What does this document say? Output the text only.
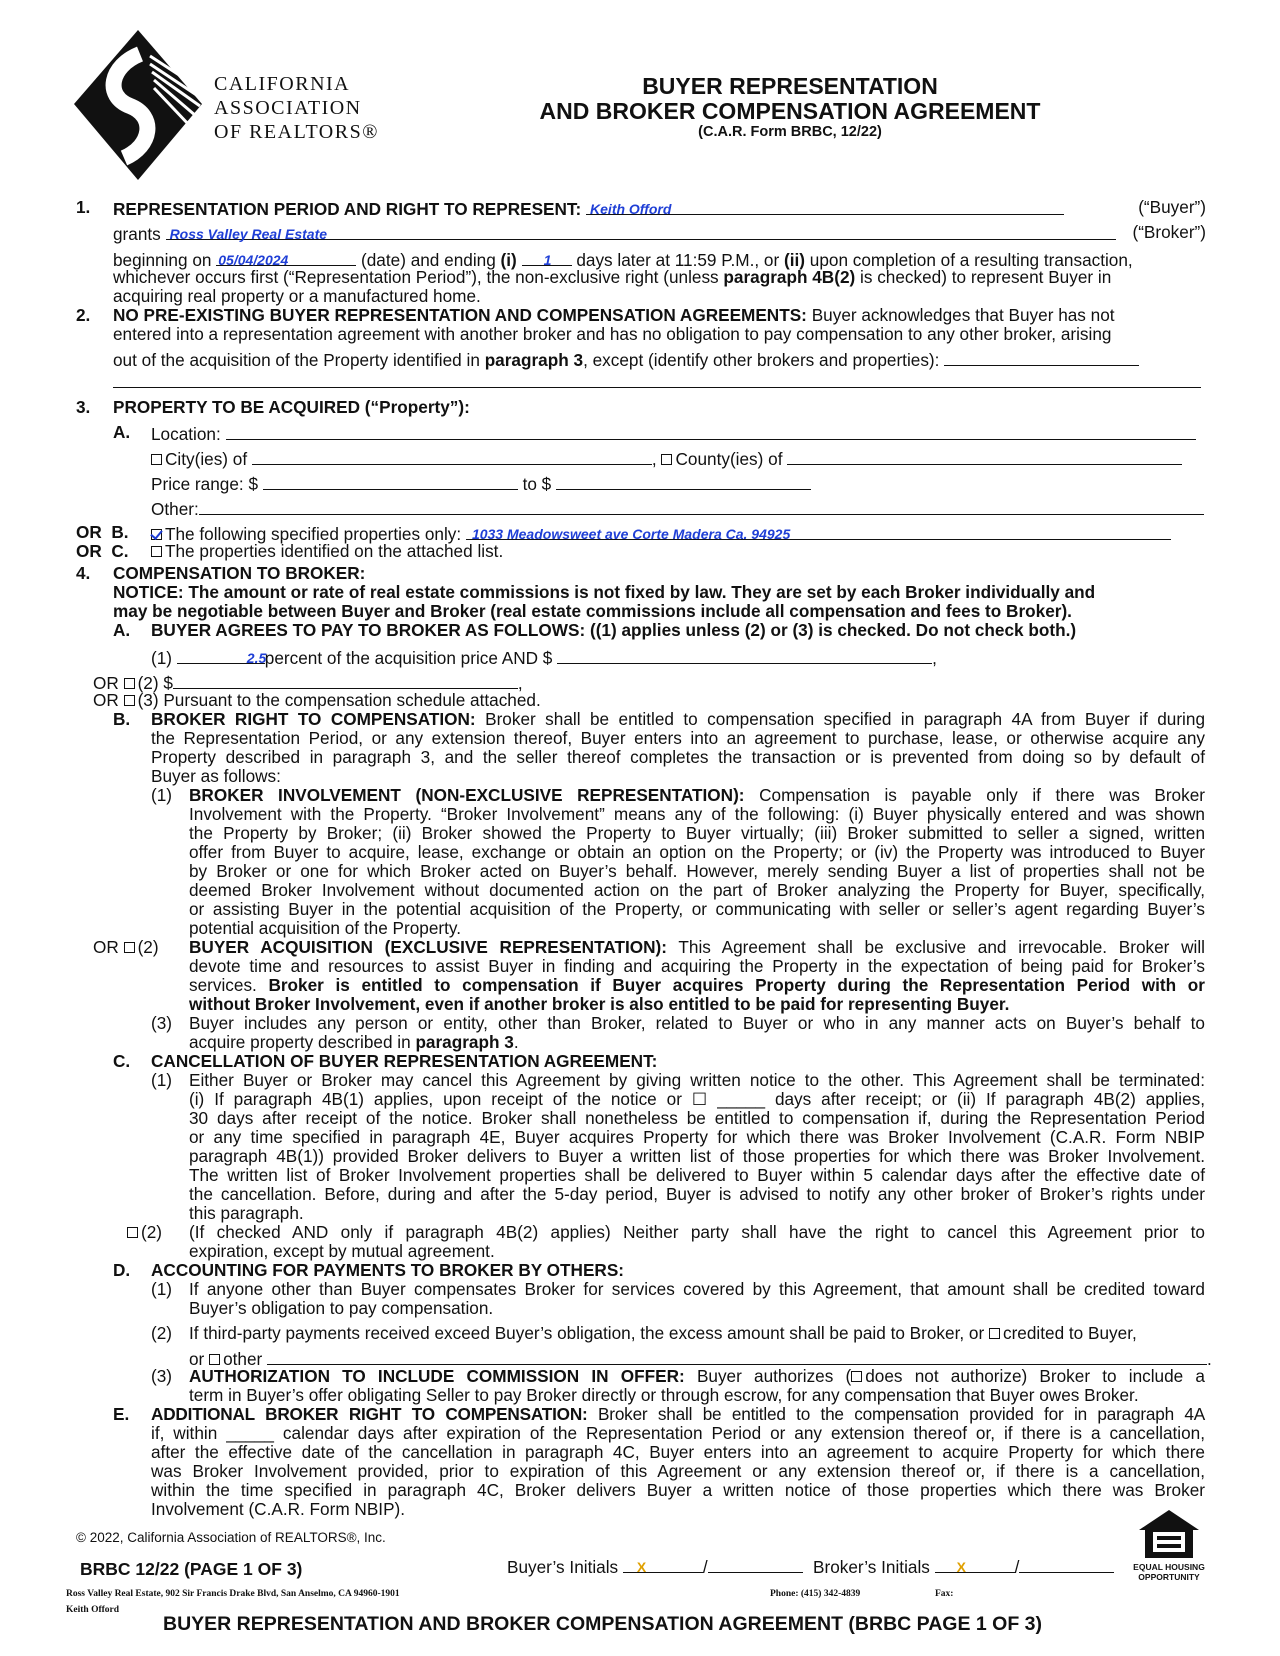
CALIFORNIA
ASSOCIATION
OF REALTORS®
BUYER REPRESENTATION
AND BROKER COMPENSATION AGREEMENT
(C.A.R. Form BRBC, 12/22)
1. REPRESENTATION PERIOD AND RIGHT TO REPRESENT: Keith Offord	(“Buyer”)
grants Ross Valley Real Estate	(“Broker”)
beginning on 05/04/2024	(date) and ending (i) 1 days later at 11:59 P.M., or (ii) upon completion of a resulting transaction,
whichever occurs first (“Representation Period”), the non-exclusive right (unless paragraph 4B(2) is checked) to represent Buyer in
acquiring real property or a manufactured home.
2. NO PRE-EXISTING BUYER REPRESENTATION AND COMPENSATION AGREEMENTS: Buyer acknowledges that Buyer has not
entered into a representation agreement with another broker and has no obligation to pay compensation to any other broker, arising
out of the acquisition of the Property identified in paragraph 3, except (identify other brokers and properties):
3. PROPERTY TO BE ACQUIRED (“Property”):
A. Location:
City(ies) of	, County(ies) of
Price range: $	to $
Other:
OR B.	The following specified properties only: 1033 Meadowsweet ave Corte Madera Ca. 94925
OR C.	The properties identified on the attached list.
4. COMPENSATION TO BROKER:
NOTICE: The amount or rate of real estate commissions is not fixed by law. They are set by each Broker individually and
may be negotiable between Buyer and Broker (real estate commissions include all compensation and fees to Broker).
A. BUYER AGREES TO PAY TO BROKER AS FOLLOWS: ((1) applies unless (2) or (3) is checked. Do not check both.)
(1)	2.5
percent of the acquisition price AND $	,
OR (2) $	,
OR (3) Pursuant to the compensation schedule attached.
B. BROKER RIGHT TO COMPENSATION: Broker shall be entitled to compensation specified in paragraph 4A from Buyer if during
the Representation Period, or any extension thereof, Buyer enters into an agreement to purchase, lease, or otherwise acquire any
Property described in paragraph 3, and the seller thereof completes the transaction or is prevented from doing so by default of
Buyer as follows:
(1) BROKER INVOLVEMENT (NON-EXCLUSIVE REPRESENTATION): Compensation is payable only if there was Broker
Involvement with the Property. “Broker Involvement” means any of the following: (i) Buyer physically entered and was shown
the Property by Broker; (ii) Broker showed the Property to Buyer virtually; (iii) Broker submitted to seller a signed, written
offer from Buyer to acquire, lease, exchange or obtain an option on the Property; or (iv) the Property was introduced to Buyer
by Broker or one for which Broker acted on Buyer’s behalf. However, merely sending Buyer a list of properties shall not be
deemed Broker Involvement without documented action on the part of Broker analyzing the Property for Buyer, specifically,
or assisting Buyer in the potential acquisition of the Property, or communicating with seller or seller’s agent regarding Buyer’s
potential acquisition of the Property.
OR (2) BUYER ACQUISITION (EXCLUSIVE REPRESENTATION): This Agreement shall be exclusive and irrevocable. Broker will
devote time and resources to assist Buyer in finding and acquiring the Property in the expectation of being paid for Broker’s
services. Broker is entitled to compensation if Buyer acquires Property during the Representation Period with or
without Broker Involvement, even if another broker is also entitled to be paid for representing Buyer.
(3) Buyer includes any person or entity, other than Broker, related to Buyer or who in any manner acts on Buyer’s behalf to
acquire property described in paragraph 3.
C. CANCELLATION OF BUYER REPRESENTATION AGREEMENT:
(1) Either Buyer or Broker may cancel this Agreement by giving written notice to the other. This Agreement shall be terminated:
(i) If paragraph 4B(1) applies, upon receipt of the notice or ☐ _____ days after receipt; or (ii) If paragraph 4B(2) applies,
30 days after receipt of the notice. Broker shall nonetheless be entitled to compensation if, during the Representation Period
or any time specified in paragraph 4E, Buyer acquires Property for which there was Broker Involvement (C.A.R. Form NBIP
paragraph 4B(1)) provided Broker delivers to Buyer a written list of those properties for which there was Broker Involvement.
The written list of Broker Involvement properties shall be delivered to Buyer within 5 calendar days after the effective date of
the cancellation. Before, during and after the 5-day period, Buyer is advised to notify any other broker of Broker’s rights under
this paragraph.
(2) (If checked AND only if paragraph 4B(2) applies) Neither party shall have the right to cancel this Agreement prior to
expiration, except by mutual agreement.
D. ACCOUNTING FOR PAYMENTS TO BROKER BY OTHERS:
(1) If anyone other than Buyer compensates Broker for services covered by this Agreement, that amount shall be credited toward
Buyer’s obligation to pay compensation.
(2) If third-party payments received exceed Buyer’s obligation, the excess amount shall be paid to Broker, or credited to Buyer,
or other	.
(3) AUTHORIZATION TO INCLUDE COMMISSION IN OFFER: Buyer authorizes ( does not authorize) Broker to include a
term in Buyer’s offer obligating Seller to pay Broker directly or through escrow, for any compensation that Buyer owes Broker.
E. ADDITIONAL BROKER RIGHT TO COMPENSATION: Broker shall be entitled to the compensation provided for in paragraph 4A
if, within _____ calendar days after expiration of the Representation Period or any extension thereof or, if there is a cancellation,
after the effective date of the cancellation in paragraph 4C, Buyer enters into an agreement to acquire Property for which there
was Broker Involvement provided, prior to expiration of this Agreement or any extension thereof or, if there is a cancellation,
within the time specified in paragraph 4C, Broker delivers Buyer a written notice of those properties which there was Broker
Involvement (C.A.R. Form NBIP).
© 2022, California Association of REALTORS®, Inc.
BRBC 12/22 (PAGE 1 OF 3)	Buyer’s Initials X	/	Broker’s Initials X	/	EQUAL HOUSING OPPORTUNITY
Ross Valley Real Estate, 902 Sir Francis Drake Blvd, San Anselmo, CA 94960-1901
Keith Offord
Phone: (415) 342-4839	Fax:
BUYER REPRESENTATION AND BROKER COMPENSATION AGREEMENT (BRBC PAGE 1 OF 3)
